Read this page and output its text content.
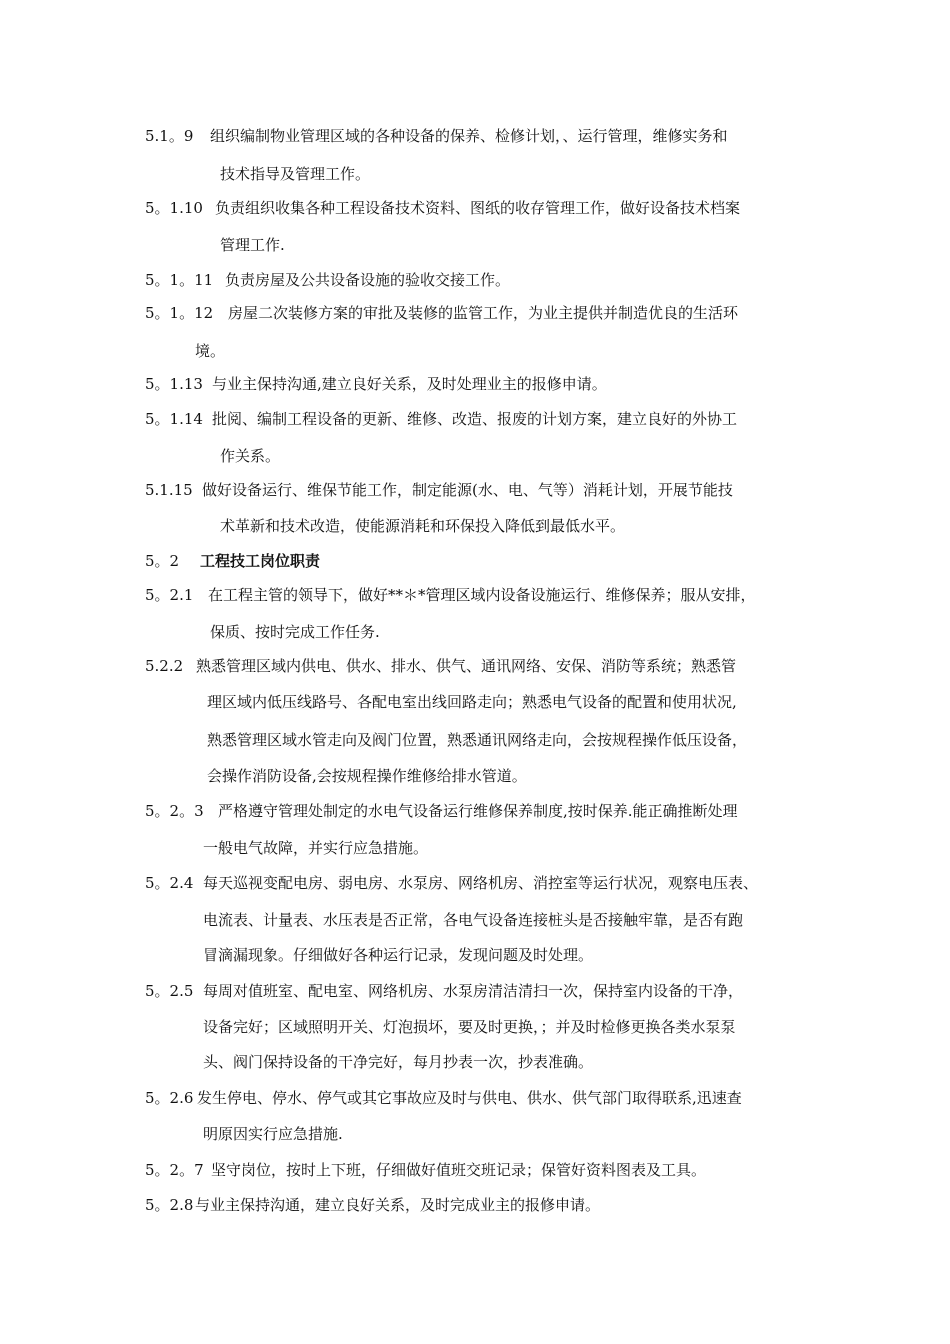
5.1。9 组织编制物业管理区域的各种设备的保养、检修计划，、运行管理，维修实务和
技术指导及管理工作。
5。1.10 负责组织收集各种工程设备技术资料、图纸的收存管理工作，做好设备技术档案
管理工作.
5。1。11 负责房屋及公共设备设施的验收交接工作。
5。1。12 房屋二次装修方案的审批及装修的监管工作，为业主提供并制造优良的生活环
境。
5。1.13 与业主保持沟通,建立良好关系，及时处理业主的报修申请。
5。1.14 批阅、编制工程设备的更新、维修、改造、报废的计划方案，建立良好的外协工
作关系。
5.1.15 做好设备运行、维保节能工作，制定能源(水、电、气等）消耗计划，开展节能技
术革新和技术改造，使能源消耗和环保投入降低到最低水平。
5。2 工程技工岗位职责
5。2.1 在工程主管的领导下，做好**＊*管理区域内设备设施运行、维修保养；服从安排，
保质、按时完成工作任务.
5.2.2 熟悉管理区域内供电、供水、排水、供气、通讯网络、安保、消防等系统；熟悉管
理区域内低压线路号、各配电室出线回路走向；熟悉电气设备的配置和使用状况,
熟悉管理区域水管走向及阀门位置，熟悉通讯网络走向，会按规程操作低压设备，
会操作消防设备,会按规程操作维修给排水管道。
5。2。3 严格遵守管理处制定的水电气设备运行维修保养制度,按时保养.能正确推断处理
一般电气故障，并实行应急措施。
5。2.4 每天巡视变配电房、弱电房、水泵房、网络机房、消控室等运行状况，观察电压表、
电流表、计量表、水压表是否正常，各电气设备连接桩头是否接触牢靠，是否有跑
冒滴漏现象。仔细做好各种运行记录，发现问题及时处理。
5。2.5 每周对值班室、配电室、网络机房、水泵房清洁清扫一次，保持室内设备的干净，
设备完好；区域照明开关、灯泡损坏，要及时更换，；并及时检修更换各类水泵泵
头、阀门保持设备的干净完好，每月抄表一次，抄表准确。
5。2.6 发生停电、停水、停气或其它事故应及时与供电、供水、供气部门取得联系,迅速查
明原因实行应急措施.
5。2。7 坚守岗位，按时上下班，仔细做好值班交班记录；保管好资料图表及工具。
5。2.8 与业主保持沟通，建立良好关系，及时完成业主的报修申请。
